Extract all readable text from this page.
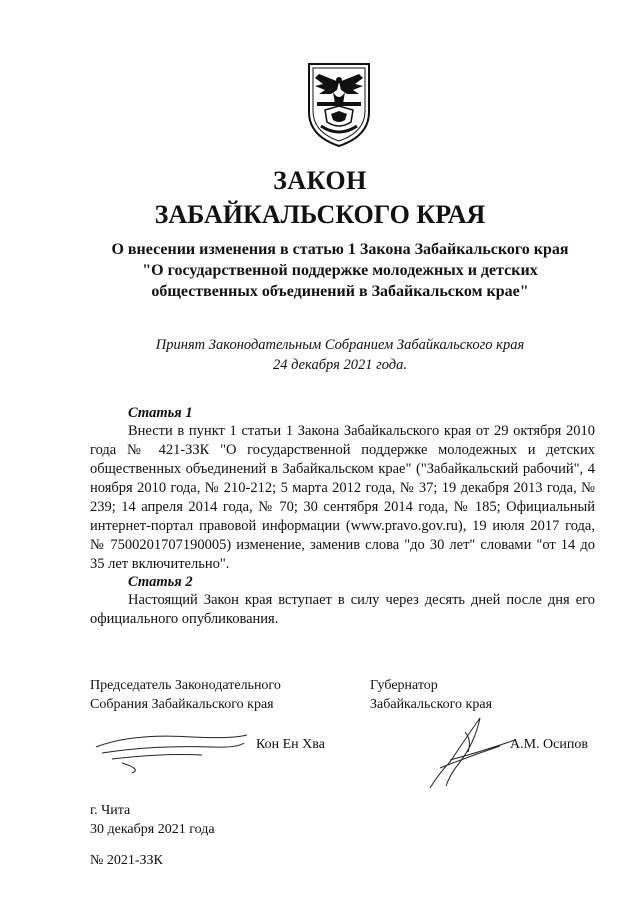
ЗАКОН
ЗАБАЙКАЛЬСКОГО КРАЯ
О внесении изменения в статью 1 Закона Забайкальского края
"О государственной поддержке молодежных и детских
общественных объединений в Забайкальском крае"
Принят Законодательным Собранием Забайкальского края
24 декабря 2021 года.
Статья 1

Внести в пункт 1 статьи 1 Закона Забайкальского края от 29 октября 2010 года № 421-ЗЗК "О государственной поддержке молодежных и детских общественных объединений в Забайкальском крае" ("Забайкальский рабочий", 4 ноября 2010 года, № 210-212; 5 марта 2012 года, № 37; 19 декабря 2013 года, № 239; 14 апреля 2014 года, № 70; 30 сентября 2014 года, № 185; Официальный интернет-портал правовой информации (www.pravo.gov.ru), 19 июля 2017 года, № 7500201707190005) изменение, заменив слова "до 30 лет" словами "от 14 до 35 лет включительно".

Статья 2

Настоящий Закон края вступает в силу через десять дней после дня его официального опубликования.

Председатель Законодательного
Собрания Забайкальского края
Губернатор
Забайкальского края
Кон Ен Хва	А.М. Осипов
г. Чита
30 декабря 2021 года
№ 2021-ЗЗК
